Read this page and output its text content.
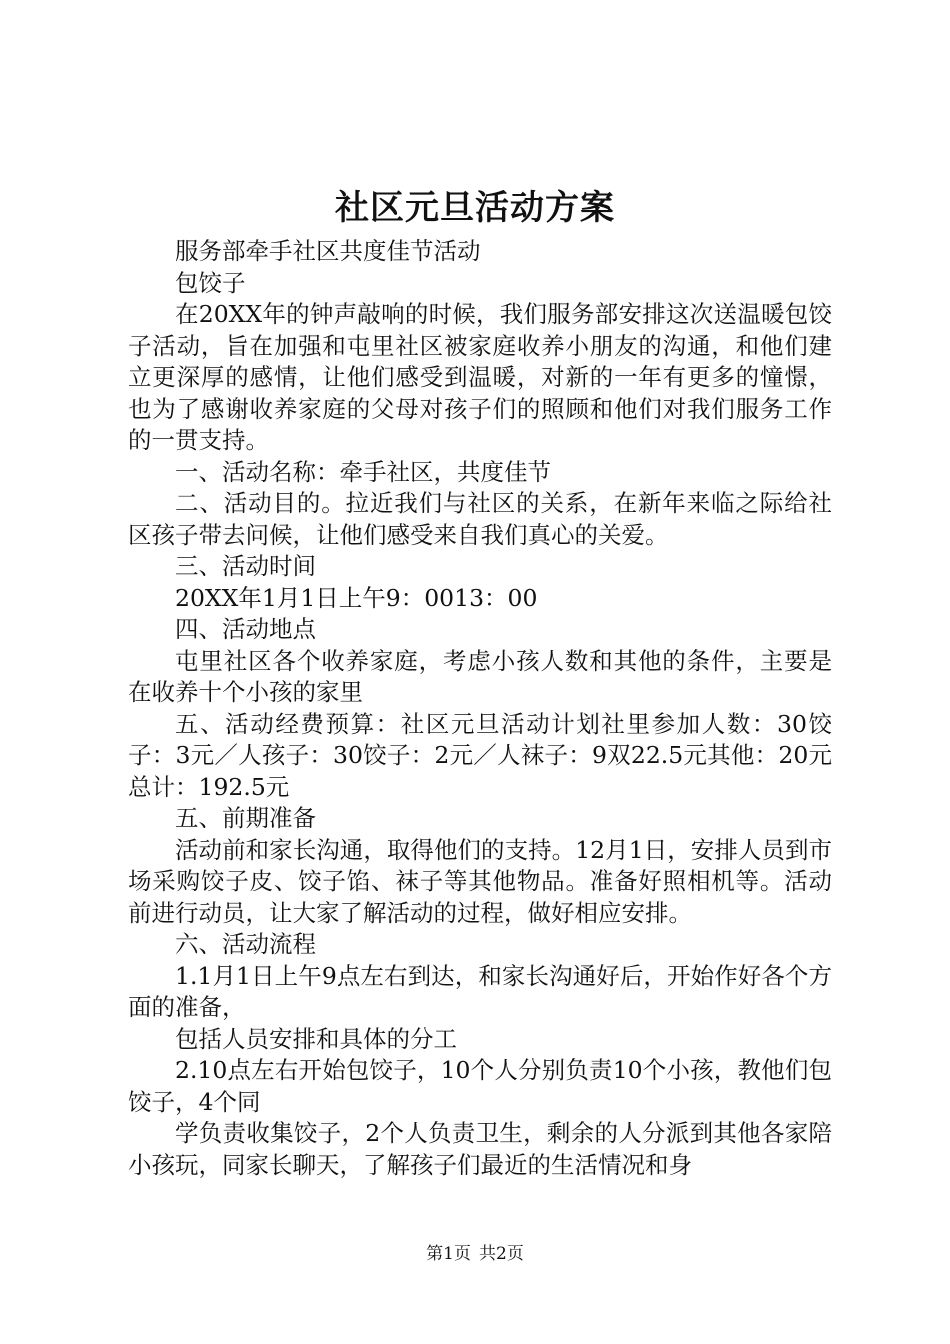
社区元旦活动方案

服务部牵手社区共度佳节活动

包饺子

在20XX年的钟声敲响的时候，我们服务部安排这次送温暖包饺子活动，旨在加强和屯里社区被家庭收养小朋友的沟通，和他们建立更深厚的感情，让他们感受到温暖，对新的一年有更多的憧憬，也为了感谢收养家庭的父母对孩子们的照顾和他们对我们服务工作的一贯支持。

一、活动名称：牵手社区，共度佳节

二、活动目的。拉近我们与社区的关系，在新年来临之际给社区孩子带去问候，让他们感受来自我们真心的关爱。

三、活动时间

20XX年1月1日上午9：0013：00

四、活动地点

屯里社区各个收养家庭，考虑小孩人数和其他的条件，主要是在收养十个小孩的家里

五、活动经费预算：社区元旦活动计划社里参加人数：30饺子：3元／人孩子：30饺子：2元／人袜子：9双22.5元其他：20元总计：192.5元

五、前期准备

活动前和家长沟通，取得他们的支持。12月1日，安排人员到市场采购饺子皮、饺子馅、袜子等其他物品。准备好照相机等。活动前进行动员，让大家了解活动的过程，做好相应安排。

六、活动流程

1.1月1日上午9点左右到达，和家长沟通好后，开始作好各个方面的准备，

包括人员安排和具体的分工

2.10点左右开始包饺子，10个人分别负责10个小孩，教他们包饺子，4个同

学负责收集饺子，2个人负责卫生，剩余的人分派到其他各家陪小孩玩，同家长聊天，了解孩子们最近的生活情况和身

第1页 共2页
